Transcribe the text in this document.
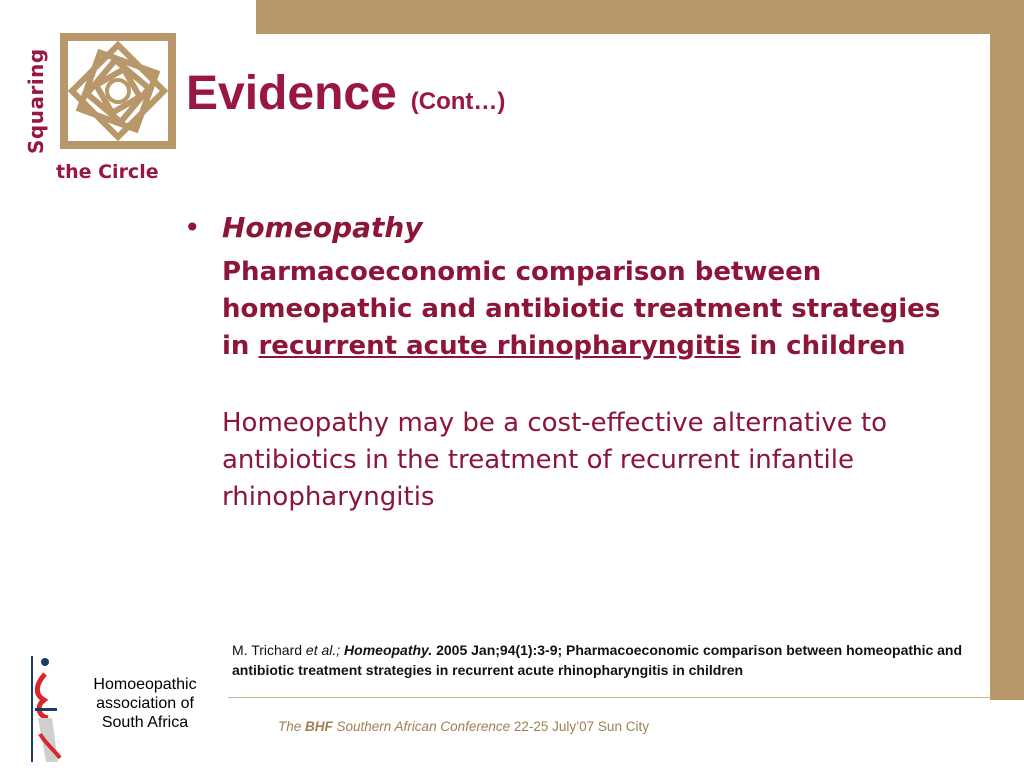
Squaring
the Circle
Evidence (Cont…)
• Homeopathy
Pharmacoeconomic comparison between homeopathic and antibiotic treatment strategies in recurrent acute rhinopharyngitis in children
Homeopathy may be a cost-effective alternative to antibiotics in the treatment of recurrent infantile rhinopharyngitis
M. Trichard et al.; Homeopathy. 2005 Jan;94(1):3-9; Pharmacoeconomic comparison between homeopathic and antibiotic treatment strategies in recurrent acute rhinopharyngitis in children
Homoeopathic
association of
South Africa	The BHF Southern African Conference 22-25 July’07 Sun City
